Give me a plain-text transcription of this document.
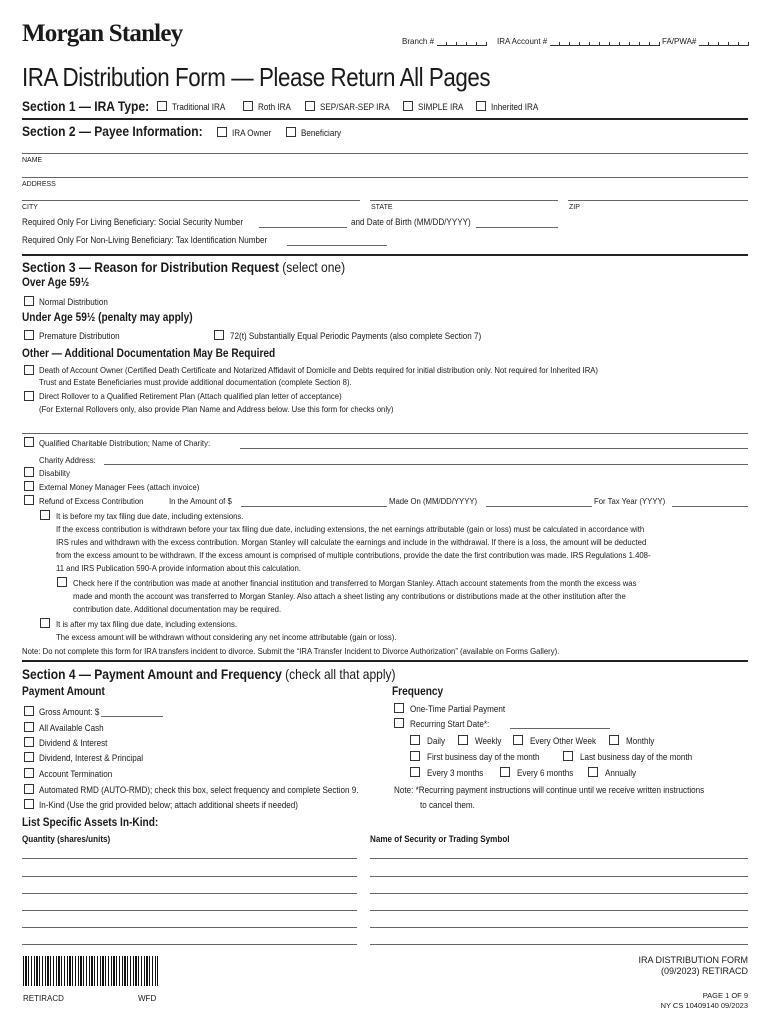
Morgan Stanley	Branch #	IRA Account #	FA/PWA#
IRA Distribution Form — Please Return All Pages
Section 1 — IRA Type:	Traditional IRA	Roth IRA	SEP/SAR-SEP IRA	SIMPLE IRA	Inherited IRA
Section 2 — Payee Information:	IRA Owner	Beneficiary
NAME
ADDRESS
CITY	STATE	ZIP
Required Only For Living Beneficiary: Social Security Number	and Date of Birth (MM/DD/YYYY)
Required Only For Non-Living Beneficiary: Tax Identification Number
Section 3 — Reason for Distribution Request (select one)
Over Age 59½
Normal Distribution
Under Age 59½ (penalty may apply)
Premature Distribution	72(t) Substantially Equal Periodic Payments (also complete Section 7)
Other — Additional Documentation May Be Required
Death of Account Owner (Certified Death Certificate and Notarized Affidavit of Domicile and Debts required for initial distribution only. Not required for Inherited IRA)
Trust and Estate Beneficiaries must provide additional documentation (complete Section 8).
Direct Rollover to a Qualified Retirement Plan (Attach qualified plan letter of acceptance)
(For External Rollovers only, also provide Plan Name and Address below. Use this form for checks only)
Qualified Charitable Distribution; Name of Charity:
Charity Address:
Disability
External Money Manager Fees (attach invoice)
Refund of Excess Contribution	In the Amount of $	Made On (MM/DD/YYYY)	For Tax Year (YYYY)
It is before my tax filing due date, including extensions.
If the excess contribution is withdrawn before your tax filing due date, including extensions, the net earnings attributable (gain or loss) must be calculated in accordance with
IRS rules and withdrawn with the excess contribution. Morgan Stanley will calculate the earnings and include in the withdrawal. If there is a loss, the amount will be deducted
from the excess amount to be withdrawn. If the excess amount is comprised of multiple contributions, provide the date the first contribution was made. IRS Regulations 1.408-
11 and IRS Publication 590-A provide information about this calculation.
Check here if the contribution was made at another financial institution and transferred to Morgan Stanley. Attach account statements from the month the excess was
made and month the account was transferred to Morgan Stanley. Also attach a sheet listing any contributions or distributions made at the other institution after the
contribution date. Additional documentation may be required.
It is after my tax filing due date, including extensions.
The excess amount will be withdrawn without considering any net income attributable (gain or loss).
Note: Do not complete this form for IRA transfers incident to divorce. Submit the “IRA Transfer Incident to Divorce Authorization” (available on Forms Gallery).
Section 4 — Payment Amount and Frequency (check all that apply)
Payment Amount	Frequency
Gross Amount: $
All Available Cash
Dividend & Interest
Dividend, Interest & Principal
Account Termination
Automated RMD (AUTO-RMD); check this box, select frequency and complete Section 9.
In-Kind (Use the grid provided below; attach additional sheets if needed)
One-Time Partial Payment
Recurring Start Date*:
Daily	Weekly	Every Other Week	Monthly
First business day of the month	Last business day of the month
Every 3 months	Every 6 months	Annually
Note: *Recurring payment instructions will continue until we receive written instructions
to cancel them.
List Specific Assets In-Kind:
Quantity (shares/units)	Name of Security or Trading Symbol
RETIRACD	WFD
IRA DISTRIBUTION FORM
(09/2023) RETIRACD
PAGE 1 OF 9
NY CS 10409140 09/2023
